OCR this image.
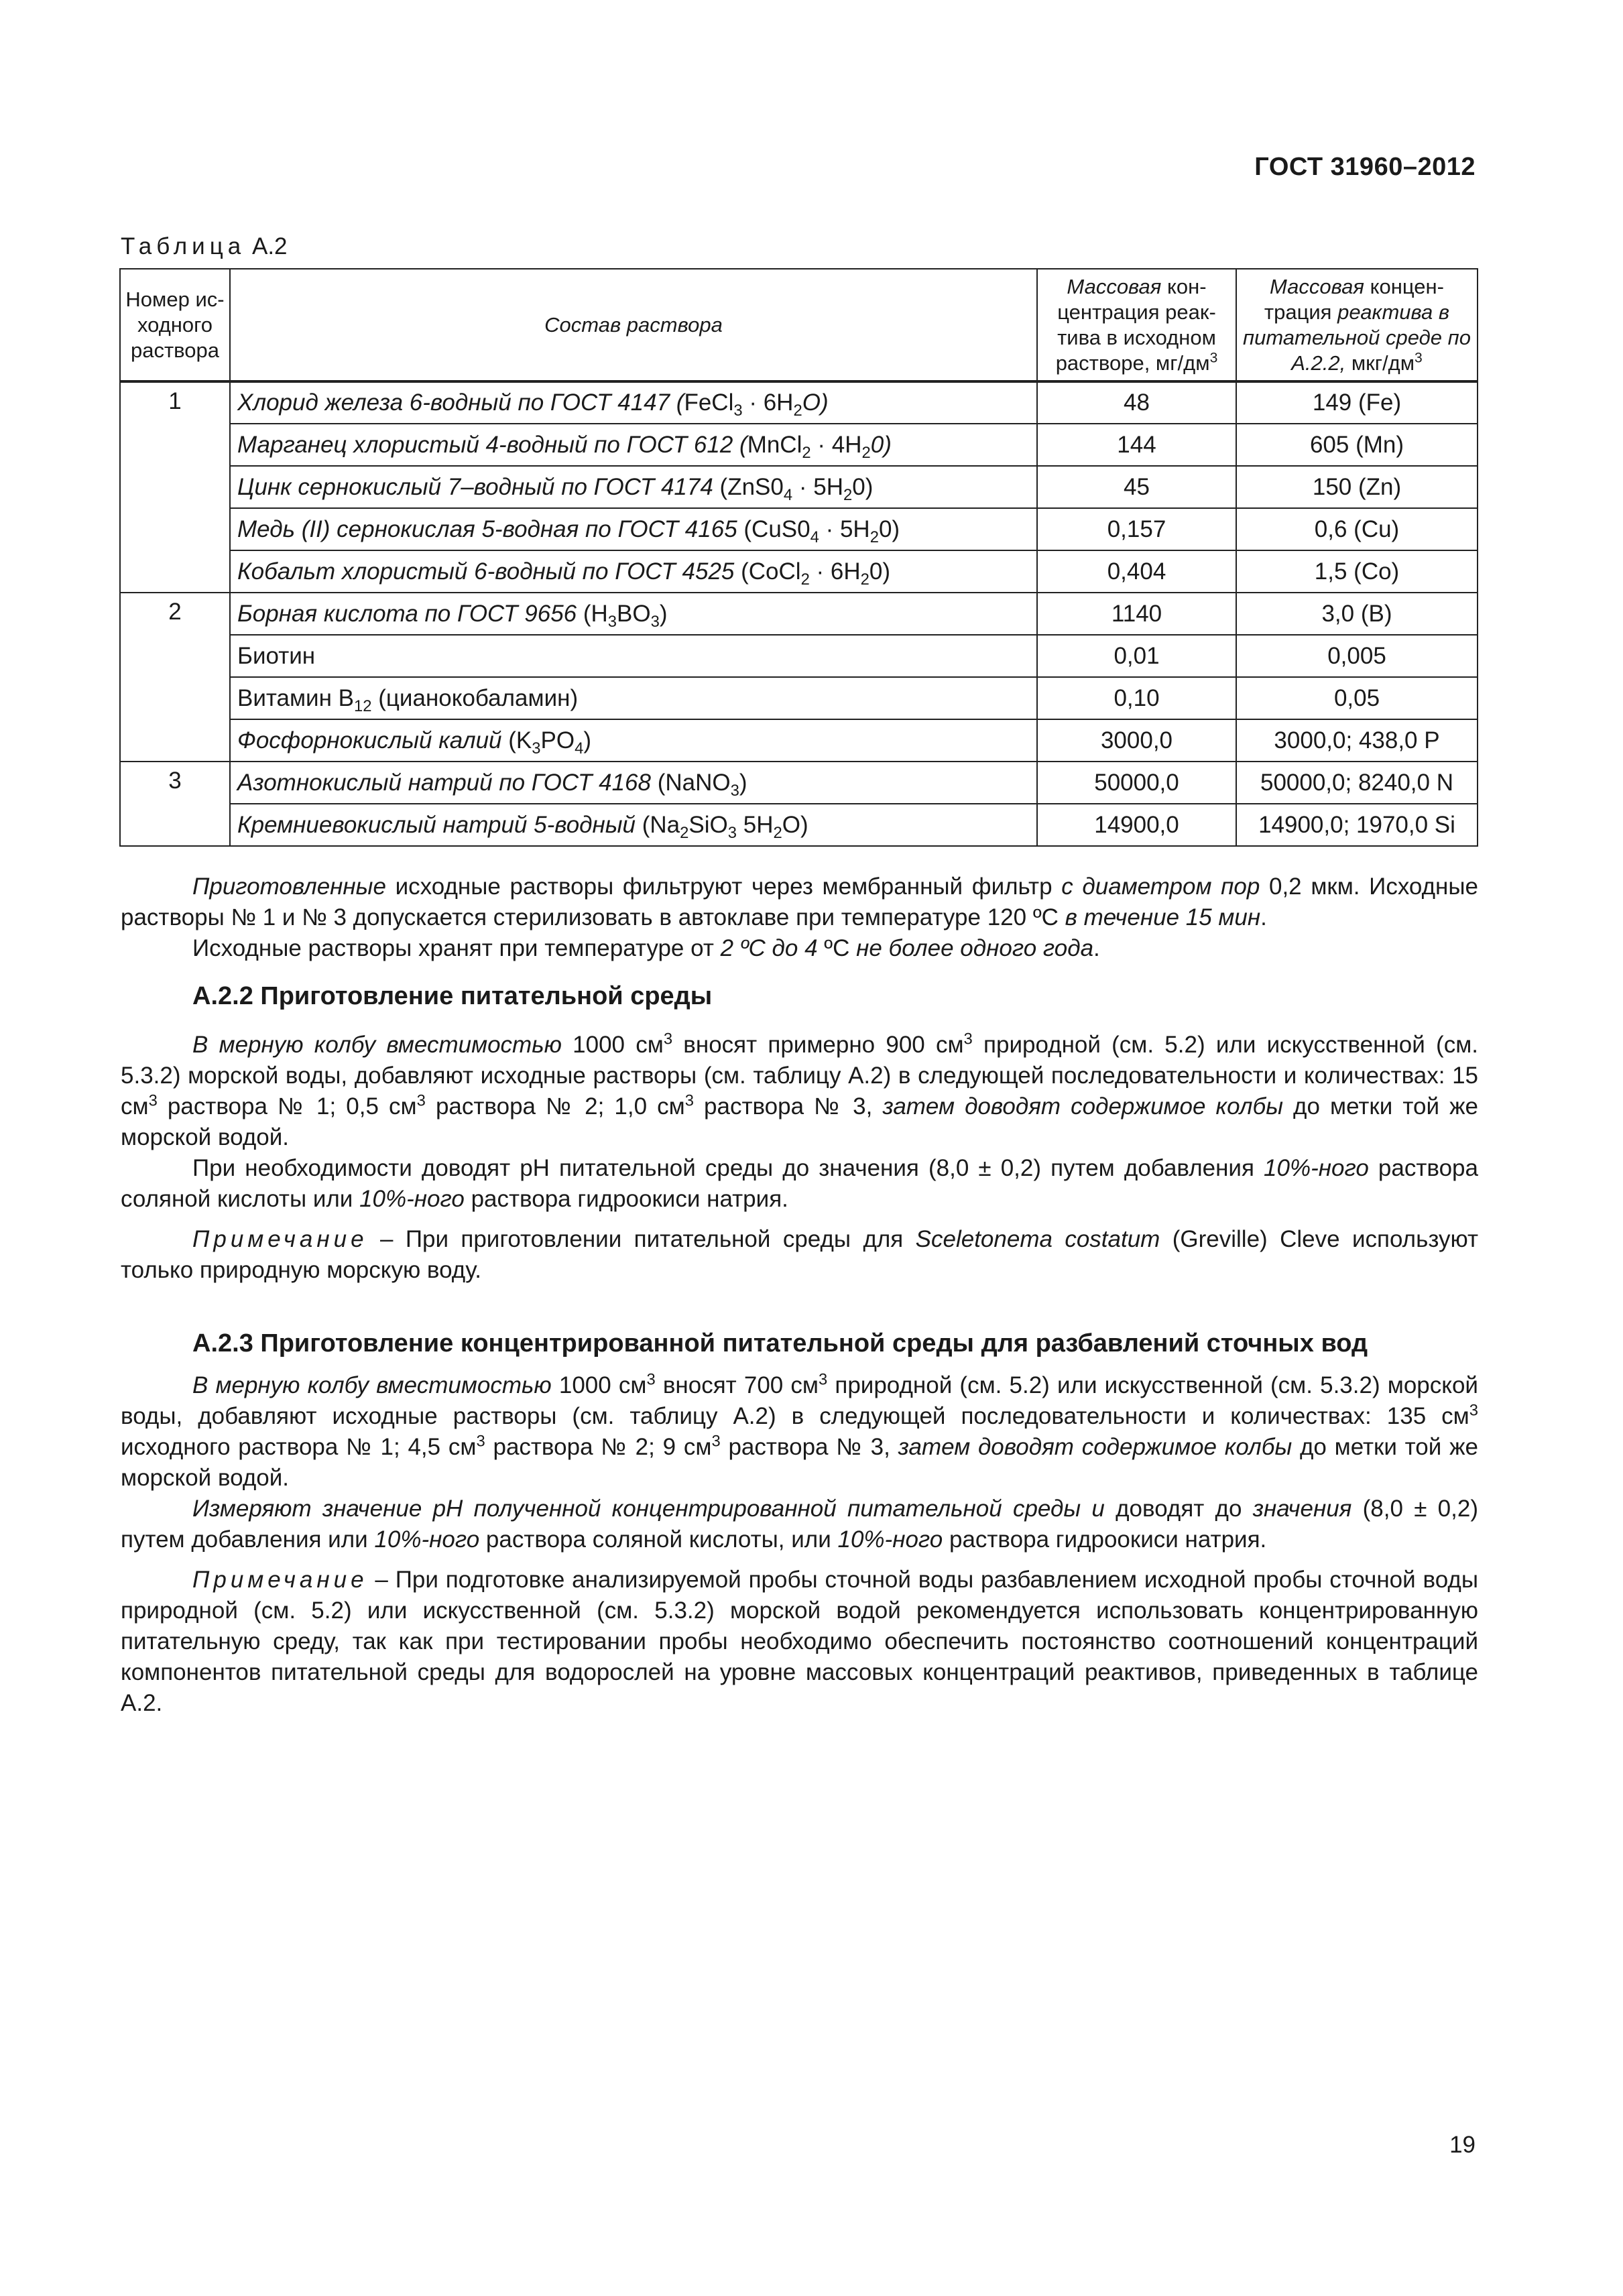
ГОСТ 31960–2012
Таблица А.2
Номер ис-ходного раствора	Состав раствора	Массовая кон-центрация реак-тива в исходном растворе, $мг/дм^3$	Массовая концен-трация реактива в питательной среде по А.2.2, мкг/$дм^3$
1	Хлорид железа 6-водный по ГОСТ 4147 (FeCl$_3$ · $6H_2O$)	48	149 (Fe)
	Марганец хлористый 4-водный по ГОСТ 612 (MnCl$_2$ · $4H_20$)	144	605 (Mn)
	Цинк сернокислый 7–водный по ГОСТ 4174 $(ZnS0_4 \cdot 5H_20)$	45	150 (Zn)
	Медь (II) сернокислая 5-водная по ГОСТ 4165 $(CuS0_4 \cdot 5H_20)$	0,157	0,6 (Cu)
	Кобальт хлористый 6-водный по ГОСТ 4525 (CoCl$_2$ · $6H_20$)	0,404	1,5 (Co)
2	Борная кислота по ГОСТ 9656 $(H_3BO_3)$	1140	3,0 (B)
	Биотин	0,01	0,005
	Витамин $B_{12}$ (цианокобаламин)	0,10	0,05
	Фосфорнокислый калий $(K_3PO_4)$	3000,0	3000,0; 438,0 P
3	Азотнокислый натрий по ГОСТ 4168 (NaNO$_3$)	50000,0	50000,0; 8240,0 N
	Кремниевокислый натрий 5-водный ($Na_2SiO_3$ $5H_2O$)	14900,0	14900,0; 1970,0 Si

Приготовленные исходные растворы фильтруют через мембранный фильтр с диаметром пор 0,2 мкм. Исходные растворы № 1 и № 3 допускается стерилизовать в автоклаве при температуре 120 ºС в течение 15 мин.

Исходные растворы хранят при температуре от 2 ºС до 4 ºС не более одного года.

А.2.2 Приготовление питательной среды

В мерную колбу вместимостью 1000 $см^3$ вносят примерно 900 $см^3$ природной (см. 5.2) или искусственной (см. 5.3.2) морской воды, добавляют исходные растворы (см. таблицу А.2) в следующей последовательности и количествах: 15 $см^3$ раствора № 1; 0,5 $см^3$ раствора № 2; 1,0 $см^3$ раствора № 3, затем доводят содержимое колбы до метки той же морской водой.

При необходимости доводят рН питательной среды до значения (8,0 ± 0,2) путем добавления 10%-ного раствора соляной кислоты или 10%-ного раствора гидроокиси натрия.

Примечание – При приготовлении питательной среды для Sceletonema costatum (Greville) Cleve используют только природную морскую воду.

А.2.3 Приготовление концентрированной питательной среды для разбавлений сточных вод

В мерную колбу вместимостью 1000 $см^3$ вносят 700 $см^3$ природной (см. 5.2) или искусственной (см. 5.3.2) морской воды, добавляют исходные растворы (см. таблицу А.2) в следующей последовательности и количествах: 135 $см^3$ исходного раствора № 1; 4,5 $см^3$ раствора № 2; 9 $см^3$ раствора № 3, затем доводят содержимое колбы до метки той же морской водой.

Измеряют значение рН полученной концентрированной питательной среды и доводят до значения (8,0 ± 0,2) путем добавления или 10%-ного раствора соляной кислоты, или 10%-ного раствора гидроокиси натрия.

Примечание – При подготовке анализируемой пробы сточной воды разбавлением исходной пробы сточной воды природной (см. 5.2) или искусственной (см. 5.3.2) морской водой рекомендуется использовать концентрированную питательную среду, так как при тестировании пробы необходимо обеспечить постоянство соотношений концентраций компонентов питательной среды для водорослей на уровне массовых концентраций реактивов, приведенных в таблице А.2.

19
